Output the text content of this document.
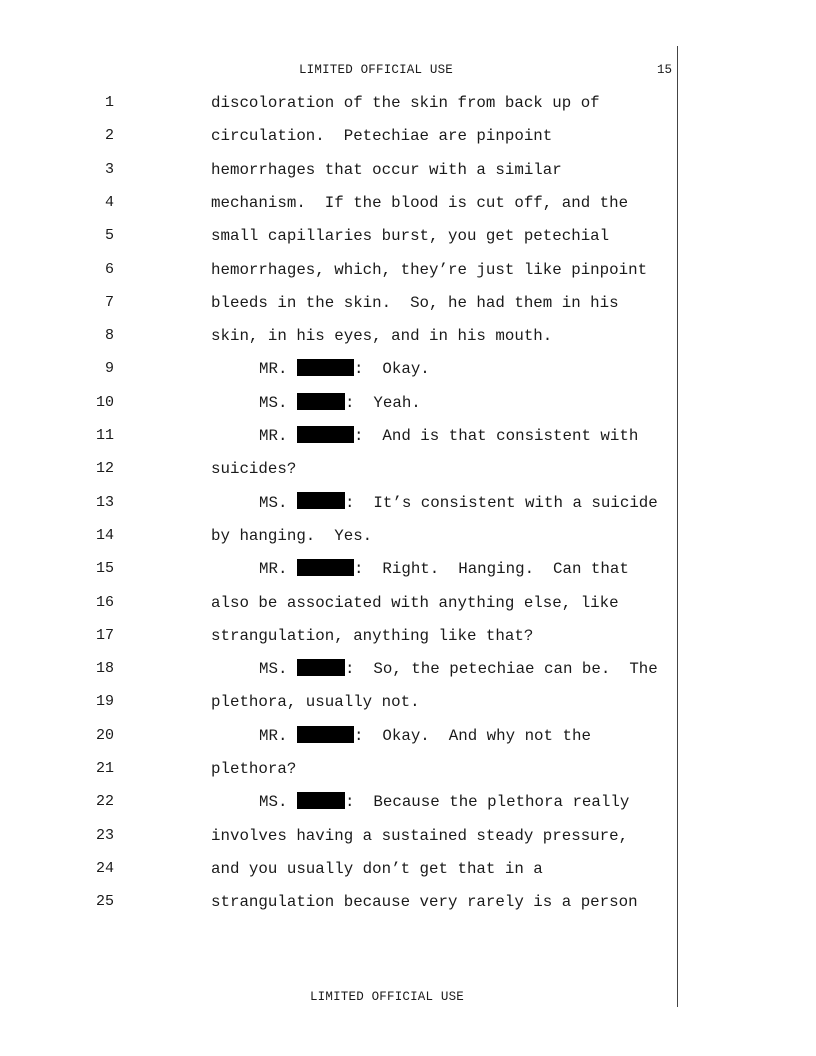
LIMITED OFFICIAL USE	15
1	discoloration of the skin from back up of
2	circulation.  Petechiae are pinpoint
3	hemorrhages that occur with a similar
4	mechanism.  If the blood is cut off, and the
5	small capillaries burst, you get petechial
6	hemorrhages, which, they’re just like pinpoint
7	bleeds in the skin.  So, he had them in his
8	skin, in his eyes, and in his mouth.
9	MR.	:  Okay.
10	MS.	:  Yeah.
11	MR.	:  And is that consistent with
12	suicides?
13	MS.	:  It’s consistent with a suicide
14	by hanging.  Yes.
15	MR.	:  Right.  Hanging.  Can that
16	also be associated with anything else, like
17	strangulation, anything like that?
18	MS.	:  So, the petechiae can be.  The
19	plethora, usually not.
20	MR.	:  Okay.  And why not the
21	plethora?
22	MS.	:  Because the plethora really
23	involves having a sustained steady pressure,
24	and you usually don’t get that in a
25	strangulation because very rarely is a person
LIMITED OFFICIAL USE
